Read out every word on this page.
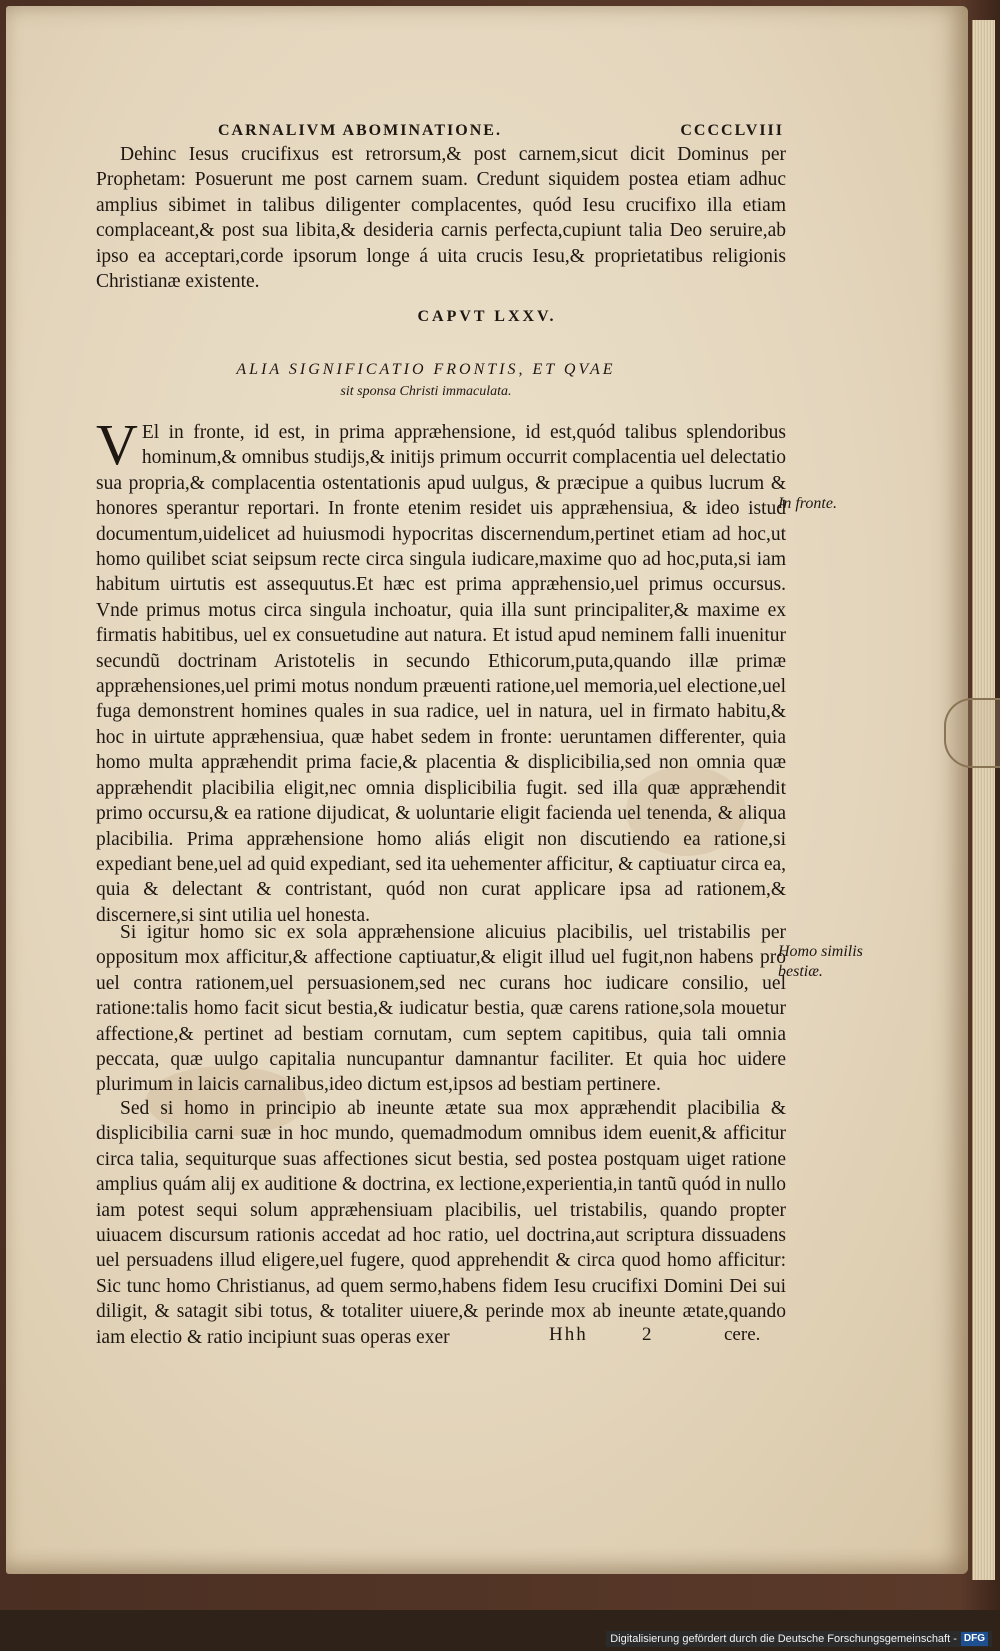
CARNALIVM ABOMINATIONE.	CCCCLVIII
Dehinc Iesus crucifixus est retrorsum,& post carnem,sicut dicit Dominus per Prophetam: Posuerunt me post carnem suam. Credunt siquidem postea etiam adhuc amplius sibimet in talibus diligenter complacentes, quód Iesu crucifixo illa etiam complaceant,& post sua libita,& desideria carnis perfecta,cupiunt talia Deo seruire,ab ipso ea acceptari,corde ipsorum longe á uita crucis Iesu,& proprietatibus religionis Christianæ existente.
CAPVT LXXV.
ALIA SIGNIFICATIO FRONTIS, ET QVAE
sit sponsa Christi immaculata.
V El in fronte, id est, in prima appræhensione, id est,quód talibus splendoribus hominum,& omnibus studijs,& initijs primum occurrit complacentia uel delectatio sua propria,& complacentia ostentationis apud uulgus, & præcipue a quibus lucrum & honores sperantur reportari. In fronte etenim residet uis appræhensiua, & ideo istud documentum,uidelicet ad huiusmodi hypocritas discernendum,pertinet etiam ad hoc,ut homo quilibet sciat seipsum recte circa singula iudicare,maxime quo ad hoc,puta,si iam habitum uirtutis est assequutus.Et hæc est prima appræhensio,uel primus occursus. Vnde primus motus circa singula inchoatur, quia illa sunt principaliter,& maxime ex firmatis habitibus, uel ex consuetudine aut natura. Et istud apud neminem falli inuenitur secundũ doctrinam Aristotelis in secundo Ethicorum,puta,quando illæ primæ appræhensiones,uel primi motus nondum præuenti ratione,uel memoria,uel electione,uel fuga demonstrent homines quales in sua radice, uel in natura, uel in firmato habitu,& hoc in uirtute appræhensiua, quæ habet sedem in fronte: ueruntamen differenter, quia homo multa appræhendit prima facie,& placentia & displicibilia,sed non omnia quæ appræhendit placibilia eligit,nec omnia displicibilia fugit. sed illa quæ appræhendit primo occursu,& ea ratione dijudicat, & uoluntarie eligit facienda uel tenenda, & aliqua placibilia. Prima appræhensione homo aliás eligit non discutiendo ea ratione,si expediant bene,uel ad quid expediant, sed ita uehementer afficitur, & captiuatur circa ea, quia & delectant & contristant, quód non curat applicare ipsa ad rationem,& discernere,si sint utilia uel honesta.
In fronte.
Si igitur homo sic ex sola appræhensione alicuius placibilis, uel tristabilis per oppositum mox afficitur,& affectione captiuatur,& eligit illud uel fugit,non habens pro uel contra rationem,uel persuasionem,sed nec curans hoc iudicare consilio, uel ratione:talis homo facit sicut bestia,& iudicatur bestia, quæ carens ratione,sola mouetur affectione,& pertinet ad bestiam cornutam, cum septem capitibus, quia tali omnia peccata, quæ uulgo capitalia nuncupantur damnantur faciliter. Et quia hoc uidere plurimum in laicis carnalibus,ideo dictum est,ipsos ad bestiam pertinere.
Homo similis
bestiæ.
Sed si homo in principio ab ineunte ætate sua mox appræhendit placibilia & displicibilia carni suæ in hoc mundo, quemadmodum omnibus idem euenit,& afficitur circa talia, sequiturque suas affectiones sicut bestia, sed postea postquam uiget ratione amplius quám alij ex auditione & doctrina, ex lectione,experientia,in tantũ quód in nullo iam potest sequi solum appræhensiuam placibilis, uel tristabilis, quando propter uiuacem discursum rationis accedat ad hoc ratio, uel doctrina,aut scriptura dissuadens uel persuadens illud eligere,uel fugere, quod apprehendit & circa quod homo afficitur: Sic tunc homo Christianus, ad quem sermo,habens fidem Iesu crucifixi Domini Dei sui diligit, & satagit sibi totus, & totaliter uiuere,& perinde mox ab ineunte ætate,quando iam electio & ratio incipiunt suas operas exer	Hhh	2	cere.
Digitalisierung gefördert durch die Deutsche Forschungsgemeinschaft - DFG
